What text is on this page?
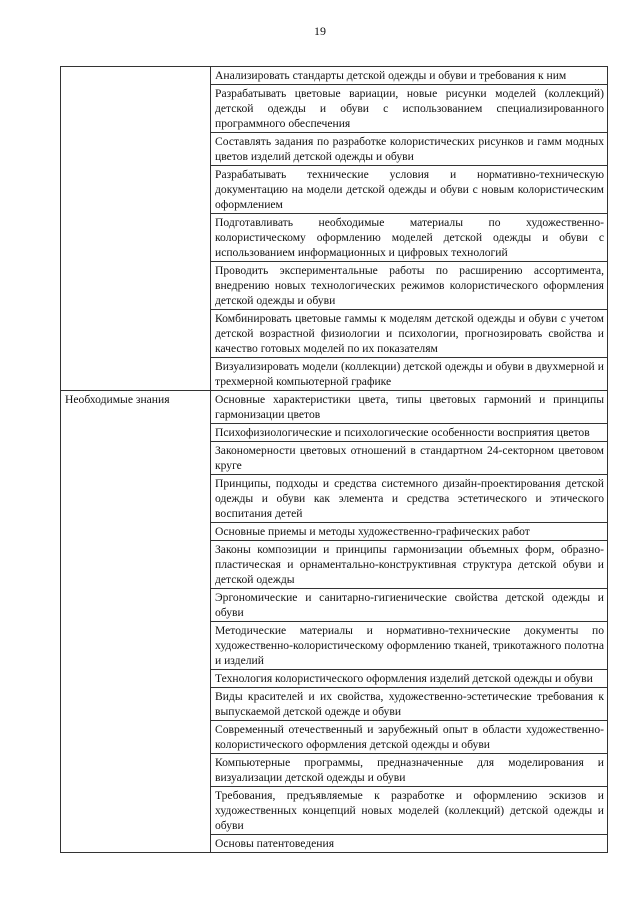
19
	Анализировать стандарты детской одежды и обуви и требования к ним
	Разрабатывать цветовые вариации, новые рисунки моделей (коллекций) детской одежды и обуви с использованием специализированного программного обеспечения
	Составлять задания по разработке колористических рисунков и гамм модных цветов изделий детской одежды и обуви
	Разрабатывать технические условия и нормативно-техническую документацию на модели детской одежды и обуви с новым колористическим оформлением
	Подготавливать необходимые материалы по художественно-колористическому оформлению моделей детской одежды и обуви с использованием информационных и цифровых технологий
	Проводить экспериментальные работы по расширению ассортимента, внедрению новых технологических режимов колористического оформления детской одежды и обуви
	Комбинировать цветовые гаммы к моделям детской одежды и обуви с учетом детской возрастной физиологии и психологии, прогнозировать свойства и качество готовых моделей по их показателям
	Визуализировать модели (коллекции) детской одежды и обуви в двухмерной и трехмерной компьютерной графике
Необходимые знания	Основные характеристики цвета, типы цветовых гармоний и принципы гармонизации цветов
	Психофизиологические и психологические особенности восприятия цветов
	Закономерности цветовых отношений в стандартном 24-секторном цветовом круге
	Принципы, подходы и средства системного дизайн-проектирования детской одежды и обуви как элемента и средства эстетического и этического воспитания детей
	Основные приемы и методы художественно-графических работ
	Законы композиции и принципы гармонизации объемных форм, образно-пластическая и орнаментально-конструктивная структура детской обуви и детской одежды
	Эргономические и санитарно-гигиенические свойства детской одежды и обуви
	Методические материалы и нормативно-технические документы по художественно-колористическому оформлению тканей, трикотажного полотна и изделий
	Технология колористического оформления изделий детской одежды и обуви
	Виды красителей и их свойства, художественно-эстетические требования к выпускаемой детской одежде и обуви
	Современный отечественный и зарубежный опыт в области художественно-колористического оформления детской одежды и обуви
	Компьютерные программы, предназначенные для моделирования и визуализации детской одежды и обуви
	Требования, предъявляемые к разработке и оформлению эскизов и художественных концепций новых моделей (коллекций) детской одежды и обуви
	Основы патентоведения
